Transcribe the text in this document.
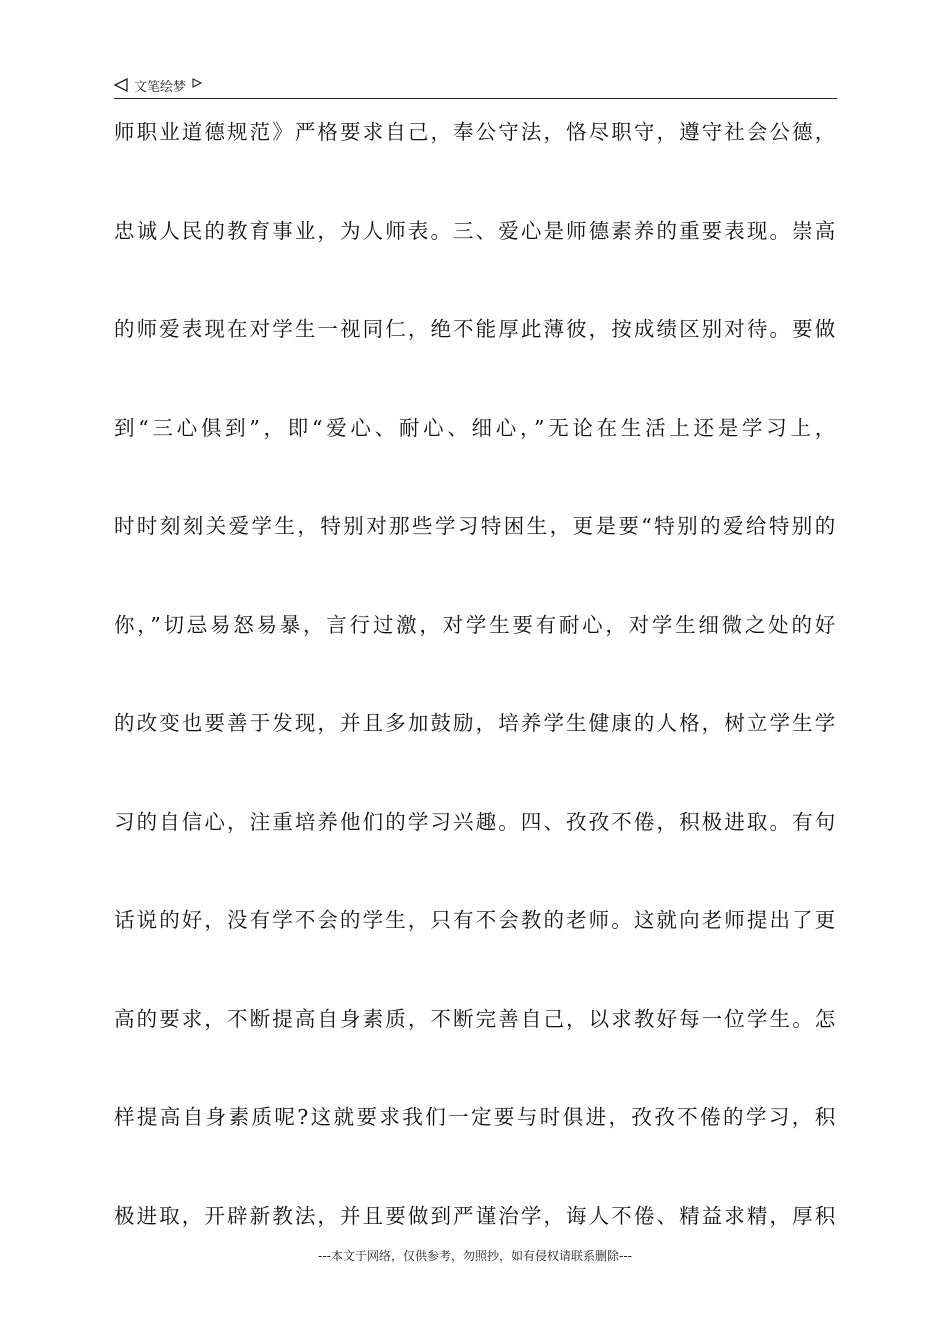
文笔绘梦
师职业道德规范》严格要求自己，奉公守法，恪尽职守，遵守社会公德，
忠诚人民的教育事业，为人师表。三、爱心是师德素养的重要表现。崇高
的师爱表现在对学生一视同仁，绝不能厚此薄彼，按成绩区别对待。要做
到“三心俱到”，即“爱心、耐心、细心，”无论在生活上还是学习上，
时时刻刻关爱学生，特别对那些学习特困生，更是要“特别的爱给特别的
你，”切忌易怒易暴，言行过激，对学生要有耐心，对学生细微之处的好
的改变也要善于发现，并且多加鼓励，培养学生健康的人格，树立学生学
习的自信心，注重培养他们的学习兴趣。四、孜孜不倦，积极进取。有句
话说的好，没有学不会的学生，只有不会教的老师。这就向老师提出了更
高的要求，不断提高自身素质，不断完善自己，以求教好每一位学生。怎
样提高自身素质呢?这就要求我们一定要与时俱进，孜孜不倦的学习，积
极进取，开辟新教法，并且要做到严谨治学，诲人不倦、精益求精，厚积
---本文于网络，仅供参考，勿照抄，如有侵权请联系删除---
